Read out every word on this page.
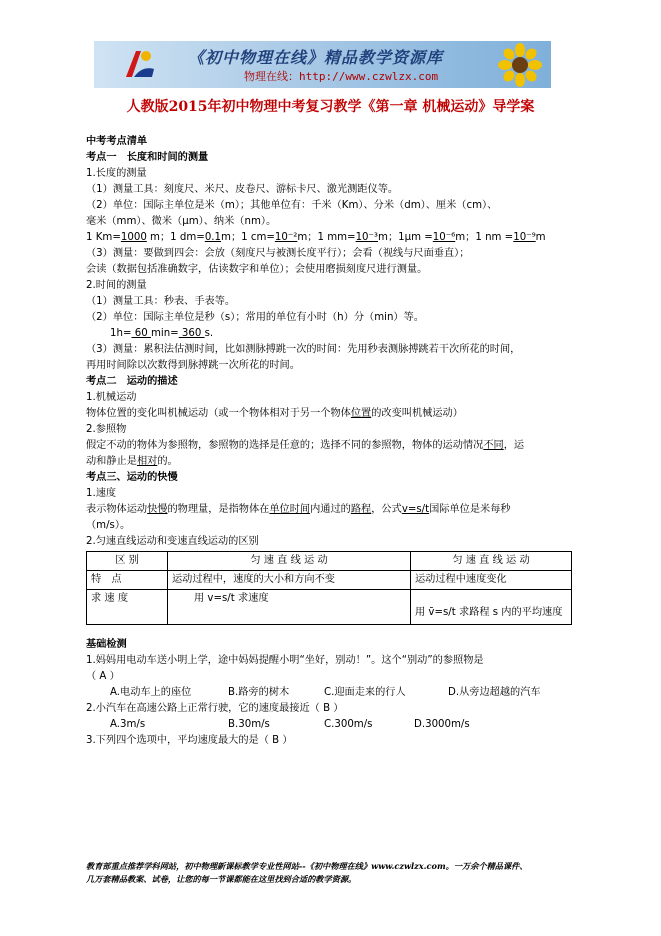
《初中物理在线》精品教学资源库
物理在线：http://www.czwlzx.com
人教版2015年初中物理中考复习教学《第一章 机械运动》导学案
中考考点清单
考点一　长度和时间的测量
1.长度的测量
（1）测量工具：刻度尺、米尺、皮卷尺、游标卡尺、激光测距仪等。
（2）单位：国际主单位是米（m）；其他单位有：千米（Km）、分米（dm）、厘米（cm）、
毫米（mm）、微米（μm）、纳米（nm）。
1 Km=1000 m；1 dm=0.1m；1 cm=10⁻²m；1 mm=10⁻³m；1μm =10⁻⁶m；1 nm =10⁻⁹m
（3）测量：要做到四会：会放（刻度尺与被测长度平行）；会看（视线与尺面垂直）；
会读（数据包括准确数字，估读数字和单位）；会使用磨损刻度尺进行测量。
2.时间的测量
（1）测量工具：秒表、手表等。
（2）单位：国际主单位是秒（s）；常用的单位有小时（h）分（min）等。
1h= 60 min= 360 s.
（3）测量：累积法估测时间，比如测脉搏跳一次的时间：先用秒表测脉搏跳若干次所花的时间，
再用时间除以次数得到脉搏跳一次所花的时间。
考点二　运动的描述
1.机械运动
物体位置的变化叫机械运动（或一个物体相对于另一个物体位置的改变叫机械运动）
2.参照物
假定不动的物体为参照物，参照物的选择是任意的；选择不同的参照物，物体的运动情况不同，运
动和静止是相对的。
考点三、运动的快慢
1.速度
表示物体运动快慢的物理量，是指物体在单位时间内通过的路程，公式v=s/t国际单位是米每秒
（m/s）。
2.匀速直线运动和变速直线运动的区别
区 别	匀 速 直 线 运 动	匀 速 直 线 运 动
特　点	运动过程中，速度的大小和方向不变	运动过程中速度变化
求 速 度	用 v=s/t 求速度	用 v̄=s/t 求路程 s 内的平均速度
基础检测
1.妈妈用电动车送小明上学，途中妈妈提醒小明“坐好，别动！”。这个“别动”的参照物是
（ A ）
A.电动车上的座位	B.路旁的树木	C.迎面走来的行人	D.从旁边超越的汽车
2.小汽车在高速公路上正常行驶，它的速度最接近（ B ）
A.3m/s	B.30m/s	C.300m/s	D.3000m/s
3.下列四个选项中，平均速度最大的是（ B ）
教育部重点推荐学科网站，初中物理新课标教学专业性网站--《初中物理在线》www.czwlzx.com。一万余个精品课件、
几万套精品教案、试卷，让您的每一节课都能在这里找到合适的教学资源。
